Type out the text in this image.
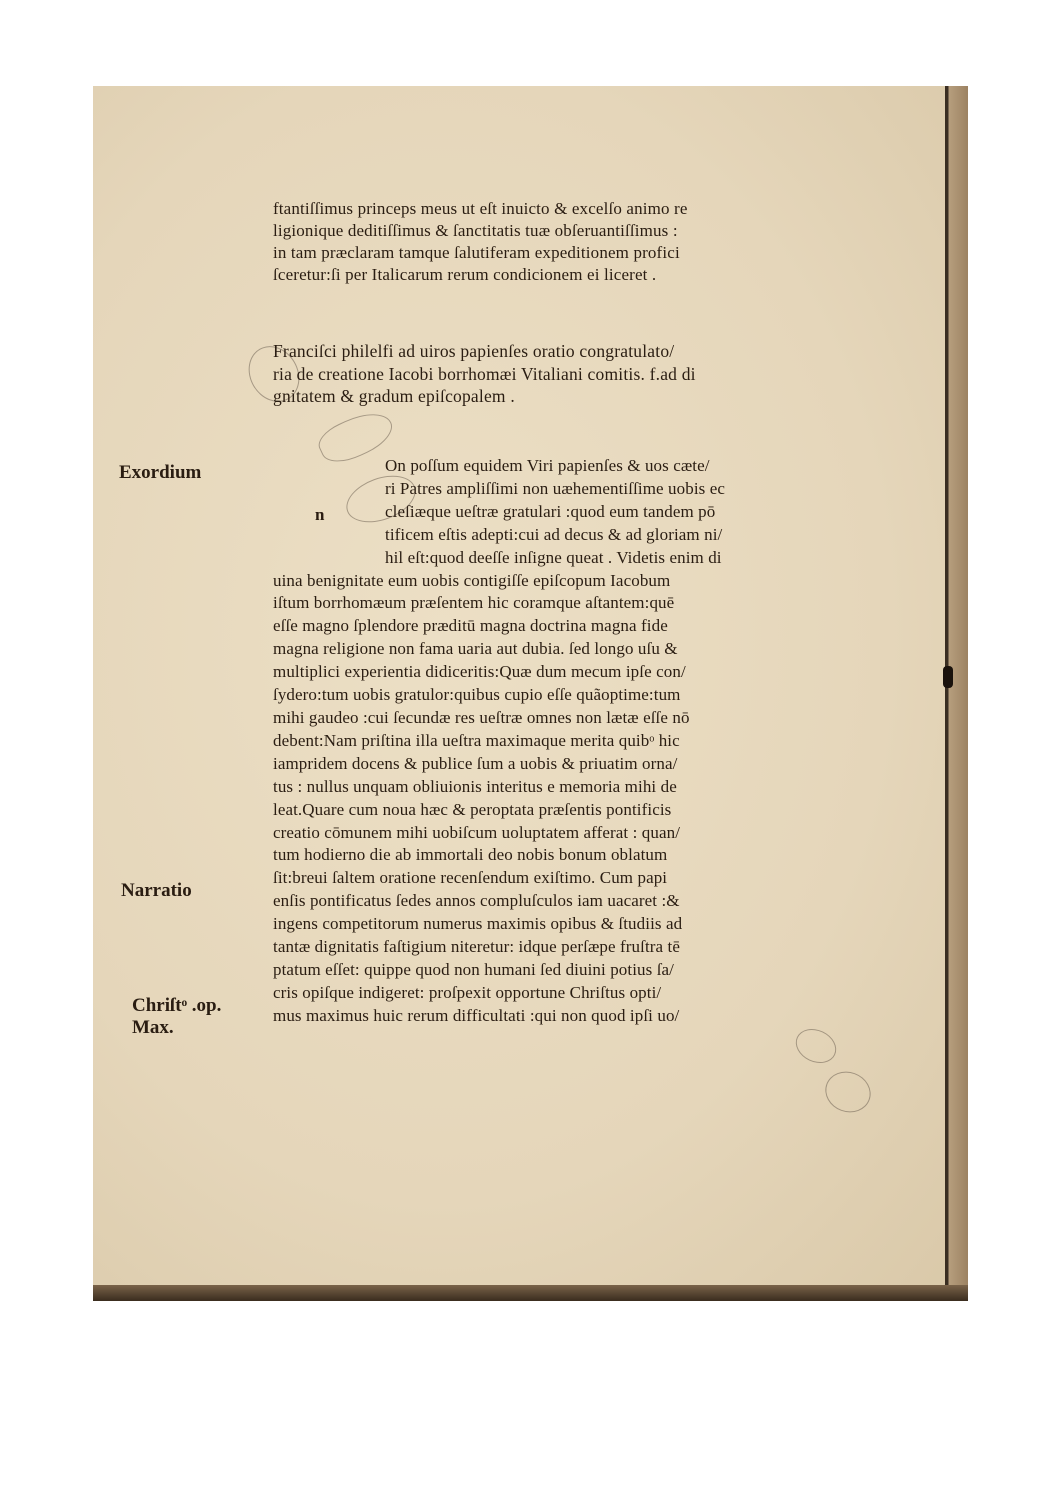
ftantiſſimus princeps meus ut eſt inuicto & excelſo animo re
ligionique deditiſſimus & ſanctitatis tuæ obſeruantiſſimus :
in tam præclaram tamque ſalutiferam expeditionem profici
ſceretur:ſi per Italicarum rerum condicionem ei liceret .
Franciſci philelfi ad uiros papienſes oratio congratulato/
ria de creatione Iacobi borrhomæi Vitaliani comitis. f.ad di
gnitatem & gradum epiſcopalem .
n
On poſſum equidem Viri papienſes & uos cæte/
ri Patres ampliſſimi non uæhementiſſime uobis ec
cleſiæque ueſtræ gratulari :quod eum tandem pō
tificem eſtis adepti:cui ad decus & ad gloriam ni/
hil eſt:quod deeſſe inſigne queat . Videtis enim di
uina benignitate eum uobis contigiſſe epiſcopum Iacobum
iſtum borrhomæum præſentem hic coramque aſtantem:quē
eſſe magno ſplendore præditū magna doctrina magna fide
magna religione non fama uaria aut dubia. ſed longo uſu &
multiplici experientia didiceritis:Quæ dum mecum ipſe con/
ſydero:tum uobis gratulor:quibus cupio eſſe quãoptime:tum
mihi gaudeo :cui ſecundæ res ueſtræ omnes non lætæ eſſe nō
debent:Nam priſtina illa ueſtra maximaque merita quibᵒ hic
iampridem docens & publice ſum a uobis & priuatim orna/
tus : nullus unquam obliuionis interitus e memoria mihi de
leat.Quare cum noua hæc & peroptata præſentis pontificis
creatio cōmunem mihi uobiſcum uoluptatem afferat : quan/
tum hodierno die ab immortali deo nobis bonum oblatum
ſit:breui ſaltem oratione recenſendum exiſtimo. Cum papi
enſis pontificatus ſedes annos compluſculos iam uacaret :&
ingens competitorum numerus maximis opibus & ſtudiis ad
tantæ dignitatis faſtigium niteretur: idque perſæpe fruſtra tē
ptatum eſſet: quippe quod non humani ſed diuini potius ſa/
cris opiſque indigeret: proſpexit opportune Chriſtus opti/
mus maximus huic rerum difficultati :qui non quod ipſi uo/
Exordium
Narratio
Chriſtᵒ .op.
Max.
